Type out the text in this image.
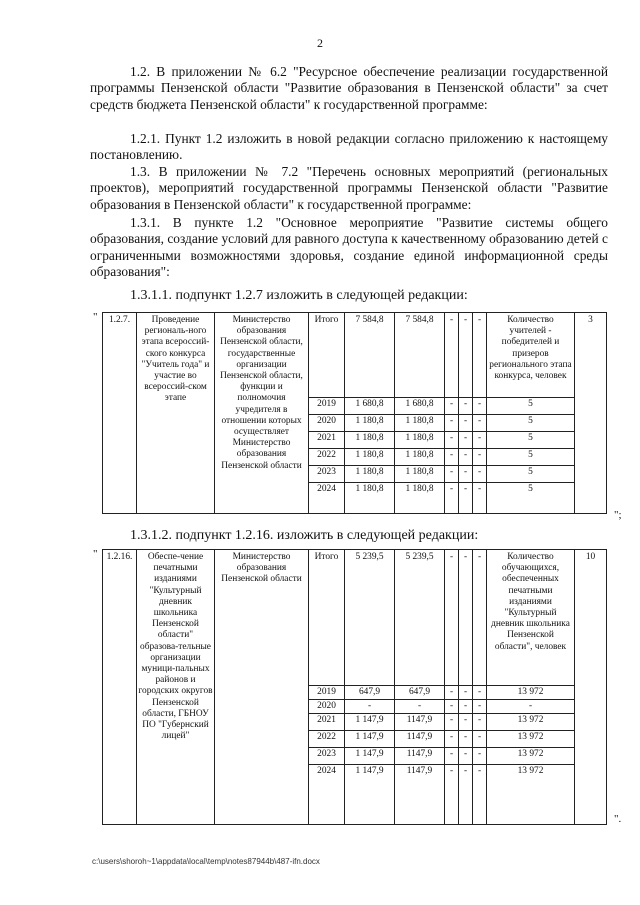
2
1.2. В приложении № 6.2 "Ресурсное обеспечение реализации государственной программы Пензенской области "Развитие образования в Пензенской области" за счет средств бюджета Пензенской области" к государственной программе:
1.2.1. Пункт 1.2 изложить в новой редакции согласно приложению к настоящему постановлению.
1.3. В приложении № 7.2 "Перечень основных мероприятий (региональных проектов), мероприятий государственной программы Пензенской области "Развитие образования в Пензенской области" к государственной программе:
1.3.1. В пункте 1.2 "Основное мероприятие "Развитие системы общего образования, создание условий для равного доступа к качественному образованию детей с ограниченными возможностями здоровья, создание единой информационной среды образования":
1.3.1.1. подпункт 1.2.7 изложить в следующей редакции:
" 1.2.7.	Проведение региональ-ного этапа всероссий-ского конкурса "Учитель года" и участие во всероссий-ском этапе	Министерство образования Пензенской области, государственные организации Пензенской области, функции и полномочия учредителя в отношении которых осуществляет Министерство образования Пензенской области	Итого	7 584,8	7 584,8	-	-	-	Количество учителей - победителей и призеров регионального этапа конкурса, человек	3
			2019	1 680,8	1 680,8	-	-	-	5	
			2020	1 180,8	1 180,8	-	-	-	5	
			2021	1 180,8	1 180,8	-	-	-	5	
			2022	1 180,8	1 180,8	-	-	-	5	
			2023	1 180,8	1 180,8	-	-	-	5	
			2024	1 180,8	1 180,8	-	-	-	5	
";
1.3.1.2. подпункт 1.2.16. изложить в следующей редакции:
" 1.2.16.	Обеспе-чение печатными изданиями "Культурный дневник школьника Пензенской области" образова-тельные организации муници-пальных районов и городских округов Пензенской области, ГБНОУ ПО "Губернский лицей"	Министерство образования Пензенской области	Итого	5 239,5	5 239,5	-	-	-	Количество обучающихся, обеспеченных печатными изданиями "Культурный дневник школьника Пензенской области", человек	10
			2019	647,9	647,9	-	-	-	13 972	
			2020	-	-	-	-	-	-	
			2021	1 147,9	1147,9	-	-	-	13 972	
			2022	1 147,9	1147,9	-	-	-	13 972	
			2023	1 147,9	1147,9	-	-	-	13 972	
			2024	1 147,9	1147,9	-	-	-	13 972	
".
c:\users\shoroh~1\appdata\local\temp\notes87944b\487-ifn.docx
